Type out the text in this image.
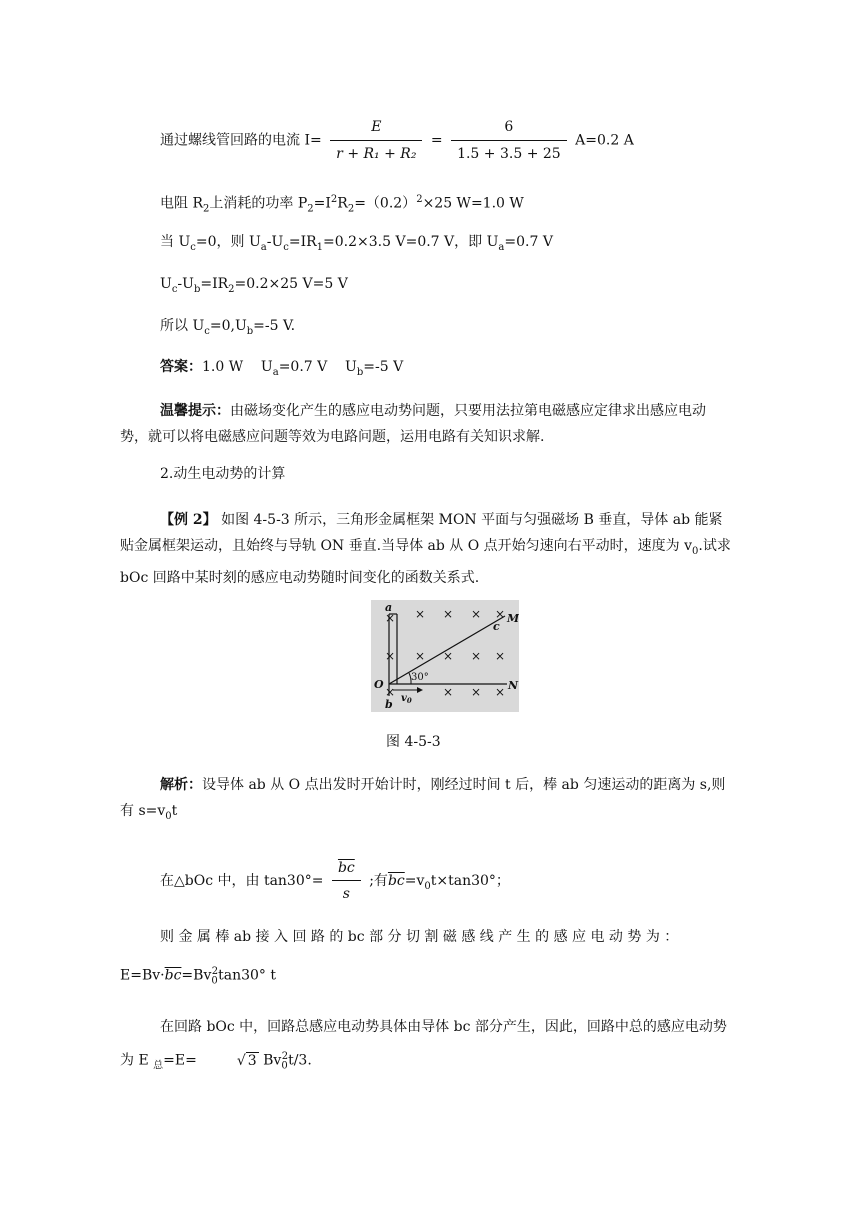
通过螺线管回路的电流 $I= \frac{E}{\text{r + R₁ + R₂}} = \frac{6}{1.5 + 3.5 + 25} A=0.2$ A
电阻 $R_2$上消耗的功率 $P_2=I^2R_2=(0.2)^2\times 25$ W=1.0 W
当 $U_c=0$，则 $U_a-U_c=IR_1=0.2\times 3.5$ V=0.7 V，即 $U_a=0.7$ V
$U_c-U_b=IR_2=0.2\times 25$ V=5 V
所以 $U_c=0,U_b=-5$ V.
答案：1.0 W    $U_a=0.7$ V    $U_b=-5$ V
温馨提示：由磁场变化产生的感应电动势问题，只要用法拉第电磁感应定律求出感应电动势，就可以将电磁感应问题等效为电路问题，运用电路有关知识求解.
2.动生电动势的计算
【例 2】 如图 4-5-3 所示，三角形金属框架 MON 平面与匀强磁场 B 垂直，导体 ab 能紧贴金属框架运动，且始终与导轨 ON 垂直.当导体 ab 从 O 点开始匀速向右平动时，速度为 $v_0$.试求 bOc 回路中某时刻的感应电动势随时间变化的函数关系式.
× × × × ×
× × × × ×
×	× × ×
a
b
c
M
N
O
30°
$v_0$
图 4-5-3
解析：设导体 ab 从 O 点出发时开始计时，刚经过时间 t 后，棒 ab 匀速运动的距离为 s,则有 $s=v_0t$
在△bOc 中，由 $\tan 30^\circ= \frac{\overline{bc}}{s}$ ;有$\overline{bc}=v_0t\times\tan 30^\circ$；
则 金 属 棒 ab 接 入 回 路 的 bc 部 分 切 割 磁 感 线 产 生 的 感 应 电 动 势 为 ：
$E=Bv\cdot\overline{bc}=Bv_0^2\tan 30^\circ$ t
在回路 bOc 中，回路总感应电动势具体由导体 bc 部分产生，因此，回路中总的感应电动势为 E $_总$=E=	√ 3 $Bv_0^2t/3$.
